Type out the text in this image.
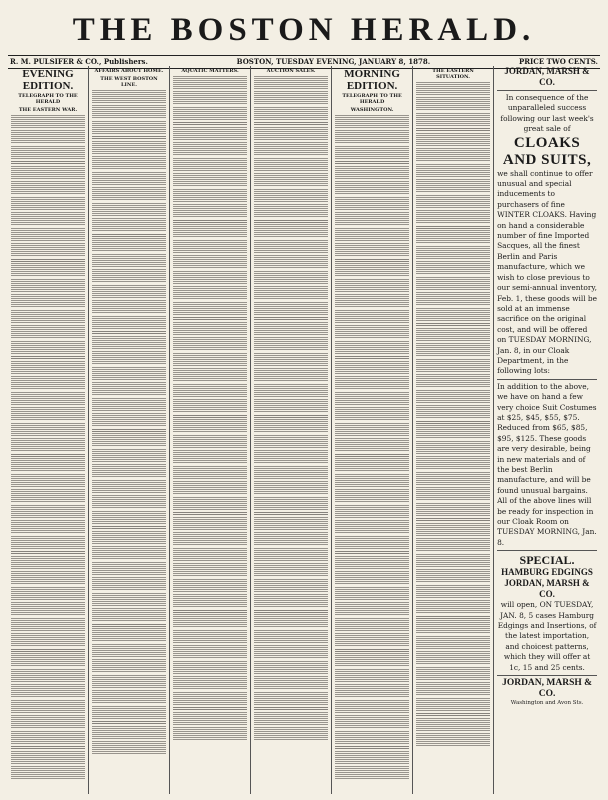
THE BOSTON HERALD.
R. M. PULSIFER & CO., Publishers.	BOSTON, TUESDAY EVENING, JANUARY 8, 1878.	PRICE TWO CENTS.
EVENING EDITION.
TELEGRAPH TO THE HERALD
THE EASTERN WAR.
AFFAIRS ABOUT HOME.
THE WEST BOSTON LINE.
AQUATIC MATTERS.	AUCTION SALES.	MORNING EDITION.
TELEGRAPH TO THE HERALD
WASHINGTON.
THE EASTERN SITUATION.
JORDAN, MARSH & CO.
In consequence of the unparalleled success following our last week's great sale of
CLOAKS AND SUITS,
we shall continue to offer unusual and special inducements to purchasers of fine WINTER CLOAKS. Having on hand a considerable number of fine Imported Sacques, all the finest Berlin and Paris manufacture, which we wish to close previous to our semi-annual inventory, Feb. 1, these goods will be sold at an immense sacrifice on the original cost, and will be offered on TUESDAY MORNING, Jan. 8, in our Cloak Department, in the following lots:
In addition to the above, we have on hand a few very choice Suit Costumes at $25, $45, $55, $75. Reduced from $65, $85, $95, $125. These goods are very desirable, being in new materials and of the best Berlin manufacture, and will be found unusual bargains. All of the above lines will be ready for inspection in our Cloak Room on TUESDAY MORNING, Jan. 8.
SPECIAL.
HAMBURG EDGINGS
JORDAN, MARSH & CO.
will open, ON TUESDAY, JAN. 8, 5 cases Hamburg Edgings and Insertions, of the latest importation, and choicest patterns, which they will offer at 1c, 15 and 25 cents.
JORDAN, MARSH & CO.
Washington and Avon Sts.
